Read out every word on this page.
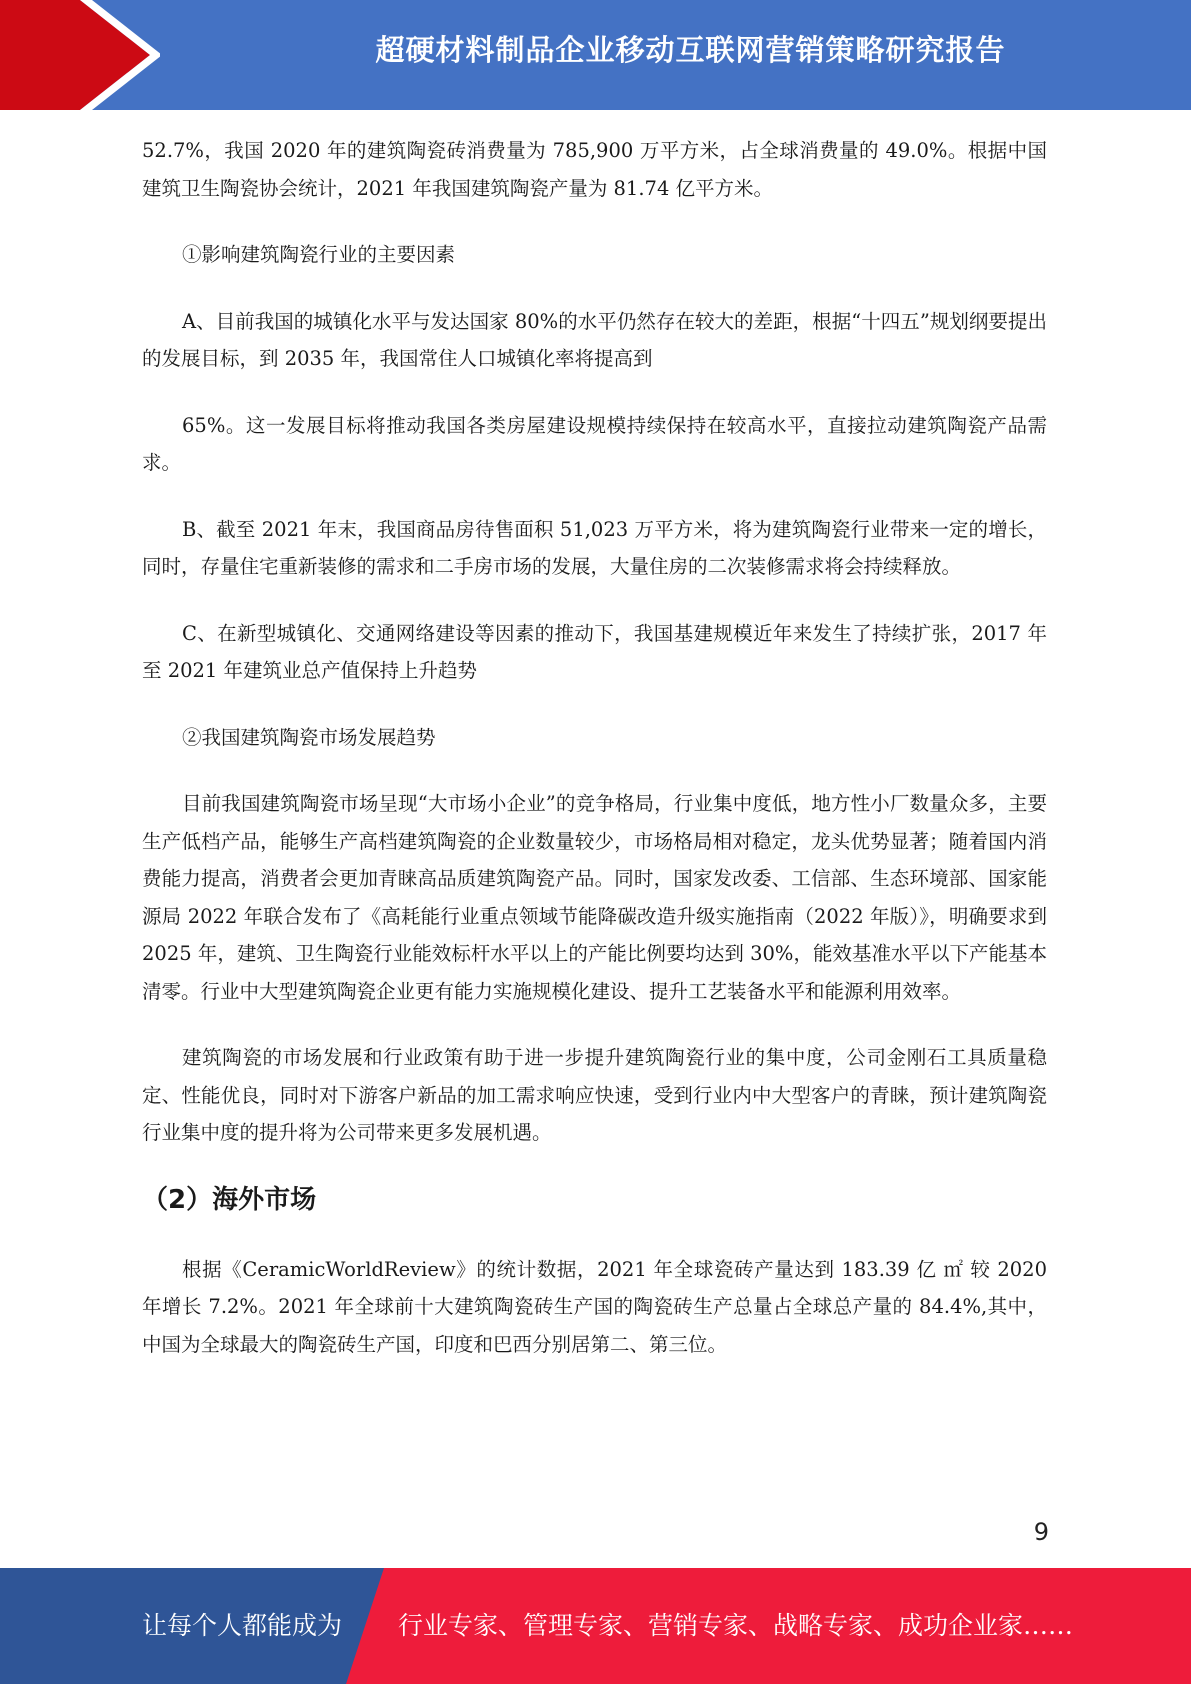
超硬材料制品企业移动互联网营销策略研究报告

52.7%，我国 2020 年的建筑陶瓷砖消费量为 785,900 万平方米，占全球消费量的 49.0%。根据中国建筑卫生陶瓷协会统计，2021 年我国建筑陶瓷产量为 81.74 亿平方米。

①影响建筑陶瓷行业的主要因素

A、目前我国的城镇化水平与发达国家 80%的水平仍然存在较大的差距，根据“十四五”规划纲要提出的发展目标，到 2035 年，我国常住人口城镇化率将提高到

65%。这一发展目标将推动我国各类房屋建设规模持续保持在较高水平，直接拉动建筑陶瓷产品需求。

B、截至 2021 年末，我国商品房待售面积 51,023 万平方米，将为建筑陶瓷行业带来一定的增长，同时，存量住宅重新装修的需求和二手房市场的发展，大量住房的二次装修需求将会持续释放。

C、在新型城镇化、交通网络建设等因素的推动下，我国基建规模近年来发生了持续扩张，2017 年至 2021 年建筑业总产值保持上升趋势

②我国建筑陶瓷市场发展趋势

目前我国建筑陶瓷市场呈现“大市场小企业”的竞争格局，行业集中度低，地方性小厂数量众多，主要生产低档产品，能够生产高档建筑陶瓷的企业数量较少，市场格局相对稳定，龙头优势显著；随着国内消费能力提高，消费者会更加青睐高品质建筑陶瓷产品。同时，国家发改委、工信部、生态环境部、国家能源局 2022 年联合发布了《高耗能行业重点领域节能降碳改造升级实施指南（2022 年版）》，明确要求到 2025 年，建筑、卫生陶瓷行业能效标杆水平以上的产能比例要均达到 30%，能效基准水平以下产能基本清零。行业中大型建筑陶瓷企业更有能力实施规模化建设、提升工艺装备水平和能源利用效率。

建筑陶瓷的市场发展和行业政策有助于进一步提升建筑陶瓷行业的集中度，公司金刚石工具质量稳定、性能优良，同时对下游客户新品的加工需求响应快速，受到行业内中大型客户的青睐，预计建筑陶瓷行业集中度的提升将为公司带来更多发展机遇。

（2）海外市场

根据《CeramicWorldReview》的统计数据，2021 年全球瓷砖产量达到 183.39 亿 ㎡ 较 2020 年增长 7.2%。2021 年全球前十大建筑陶瓷砖生产国的陶瓷砖生产总量占全球总产量的 84.4%,其中，中国为全球最大的陶瓷砖生产国，印度和巴西分别居第二、第三位。

9
让每个人都能成为 行业专家、管理专家、营销专家、战略专家、成功企业家……
